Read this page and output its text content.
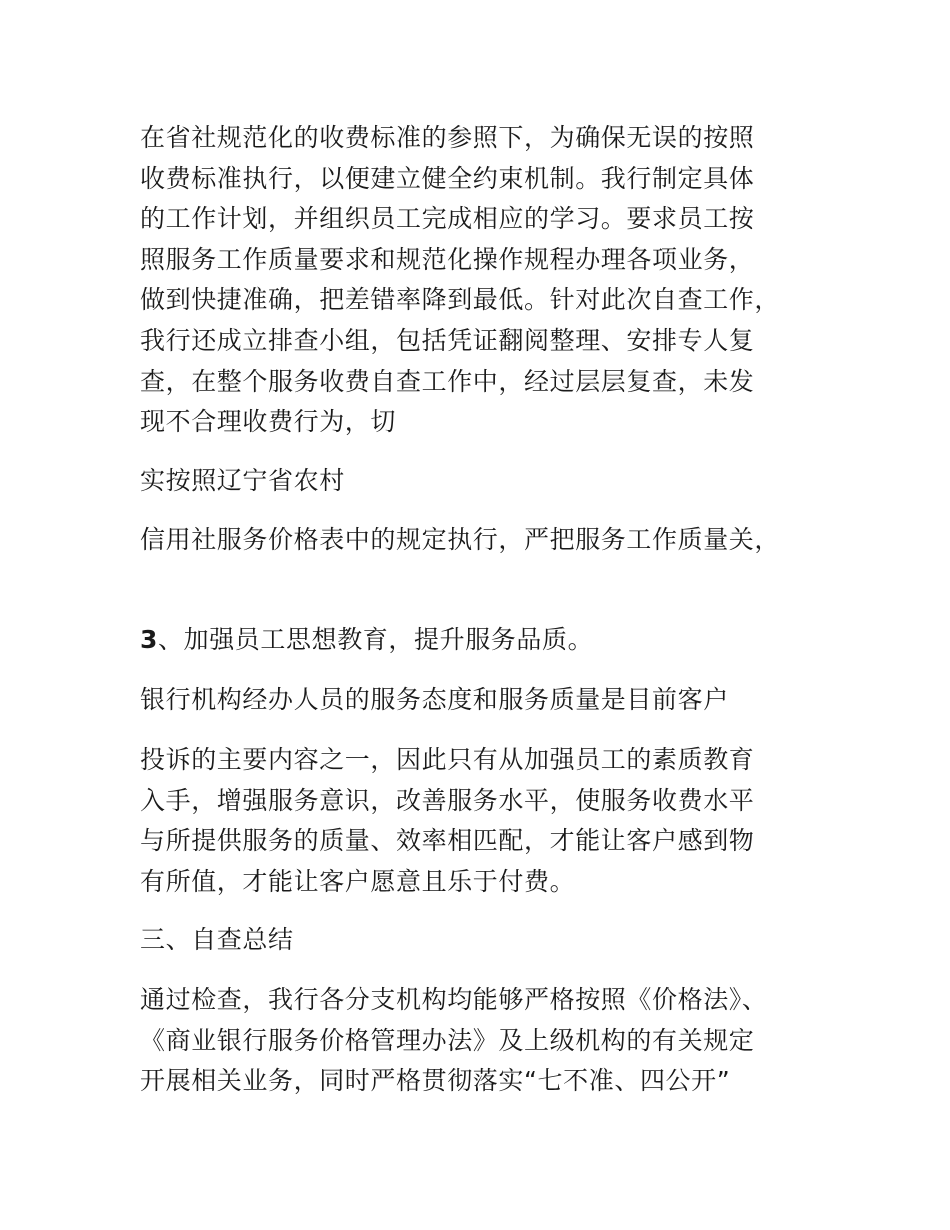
在省社规范化的收费标准的参照下，为确保无误的按照
收费标准执行，以便建立健全约束机制。我行制定具体
的工作计划，并组织员工完成相应的学习。要求员工按
照服务工作质量要求和规范化操作规程办理各项业务，
做到快捷准确，把差错率降到最低。针对此次自查工作，
我行还成立排查小组，包括凭证翻阅整理、安排专人复
查，在整个服务收费自查工作中，经过层层复查，未发
现不合理收费行为，切

实按照辽宁省农村

信用社服务价格表中的规定执行，严把服务工作质量关，

3、加强员工思想教育，提升服务品质。

银行机构经办人员的服务态度和服务质量是目前客户

投诉的主要内容之一，因此只有从加强员工的素质教育
入手，增强服务意识，改善服务水平，使服务收费水平
与所提供服务的质量、效率相匹配，才能让客户感到物
有所值，才能让客户愿意且乐于付费。

三、自查总结

通过检查，我行各分支机构均能够严格按照《价格法》、
《商业银行服务价格管理办法》及上级机构的有关规定
开展相关业务，同时严格贯彻落实“七不准、四公开”
